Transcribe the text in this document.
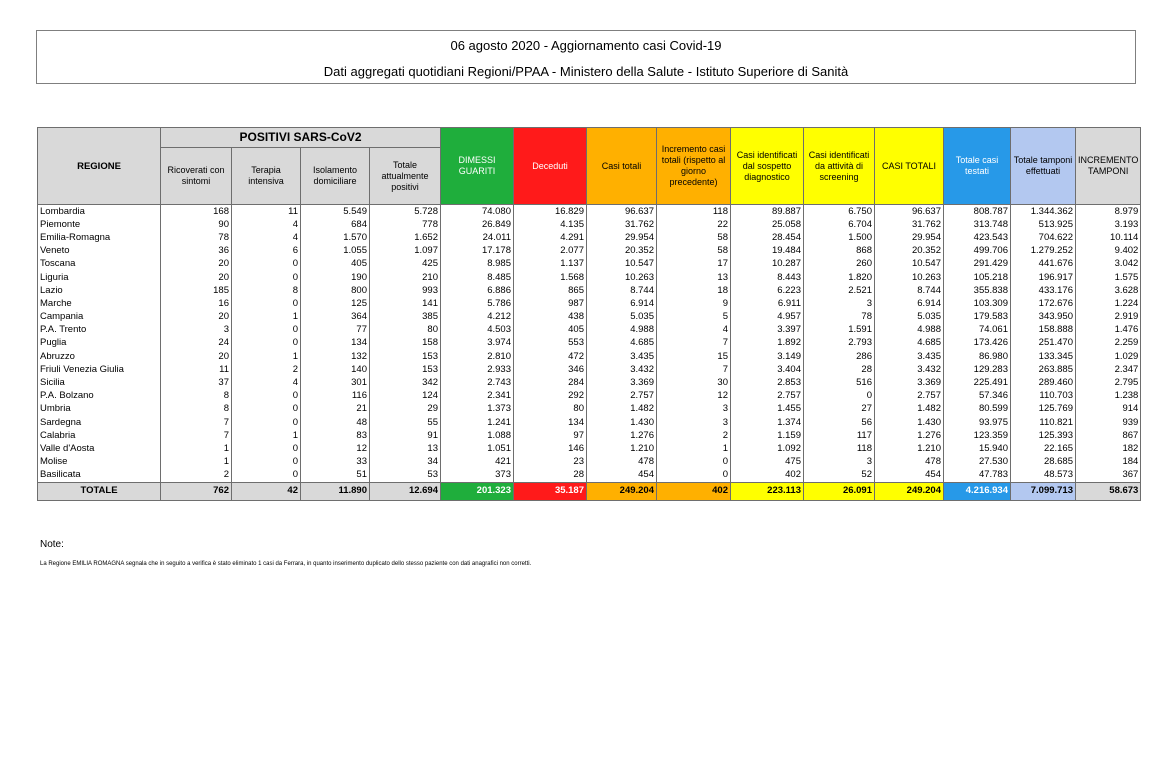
06 agosto 2020 - Aggiornamento casi Covid-19
Dati aggregati quotidiani Regioni/PPAA - Ministero della Salute - Istituto Superiore di Sanità
REGIONE	POSITIVI SARS-CoV2				DIMESSI GUARITI	Deceduti	Casi totali	Incremento casi totali (rispetto al giorno precedente)	Casi identificati dal sospetto diagnostico	Casi identificati da attività di screening	CASI TOTALI	Totale casi testati	Totale tamponi effettuati	INCREMENTO TAMPONI
	Ricoverati con sintomi	Terapia intensiva	Isolamento domiciliare	Totale attualmente positivi										
Lombardia	168	11	5.549	5.728	74.080	16.829	96.637	118	89.887	6.750	96.637	808.787	1.344.362	8.979
Piemonte	90	4	684	778	26.849	4.135	31.762	22	25.058	6.704	31.762	313.748	513.925	3.193
Emilia-Romagna	78	4	1.570	1.652	24.011	4.291	29.954	58	28.454	1.500	29.954	423.543	704.622	10.114
Veneto	36	6	1.055	1.097	17.178	2.077	20.352	58	19.484	868	20.352	499.706	1.279.252	9.402
Toscana	20	0	405	425	8.985	1.137	10.547	17	10.287	260	10.547	291.429	441.676	3.042
Liguria	20	0	190	210	8.485	1.568	10.263	13	8.443	1.820	10.263	105.218	196.917	1.575
Lazio	185	8	800	993	6.886	865	8.744	18	6.223	2.521	8.744	355.838	433.176	3.628
Marche	16	0	125	141	5.786	987	6.914	9	6.911	3	6.914	103.309	172.676	1.224
Campania	20	1	364	385	4.212	438	5.035	5	4.957	78	5.035	179.583	343.950	2.919
P.A. Trento	3	0	77	80	4.503	405	4.988	4	3.397	1.591	4.988	74.061	158.888	1.476
Puglia	24	0	134	158	3.974	553	4.685	7	1.892	2.793	4.685	173.426	251.470	2.259
Abruzzo	20	1	132	153	2.810	472	3.435	15	3.149	286	3.435	86.980	133.345	1.029
Friuli Venezia Giulia	11	2	140	153	2.933	346	3.432	7	3.404	28	3.432	129.283	263.885	2.347
Sicilia	37	4	301	342	2.743	284	3.369	30	2.853	516	3.369	225.491	289.460	2.795
P.A. Bolzano	8	0	116	124	2.341	292	2.757	12	2.757	0	2.757	57.346	110.703	1.238
Umbria	8	0	21	29	1.373	80	1.482	3	1.455	27	1.482	80.599	125.769	914
Sardegna	7	0	48	55	1.241	134	1.430	3	1.374	56	1.430	93.975	110.821	939
Calabria	7	1	83	91	1.088	97	1.276	2	1.159	117	1.276	123.359	125.393	867
Valle d'Aosta	1	0	12	13	1.051	146	1.210	1	1.092	118	1.210	15.940	22.165	182
Molise	1	0	33	34	421	23	478	0	475	3	478	27.530	28.685	184
Basilicata	2	0	51	53	373	28	454	0	402	52	454	47.783	48.573	367
TOTALE	762	42	11.890	12.694	201.323	35.187	249.204	402	223.113	26.091	249.204	4.216.934	7.099.713	58.673
Note:
La Regione EMILIA ROMAGNA segnala che in seguito a verifica è stato eliminato 1 casi da Ferrara, in quanto inserimento duplicato dello stesso paziente con dati anagrafici non corretti.
